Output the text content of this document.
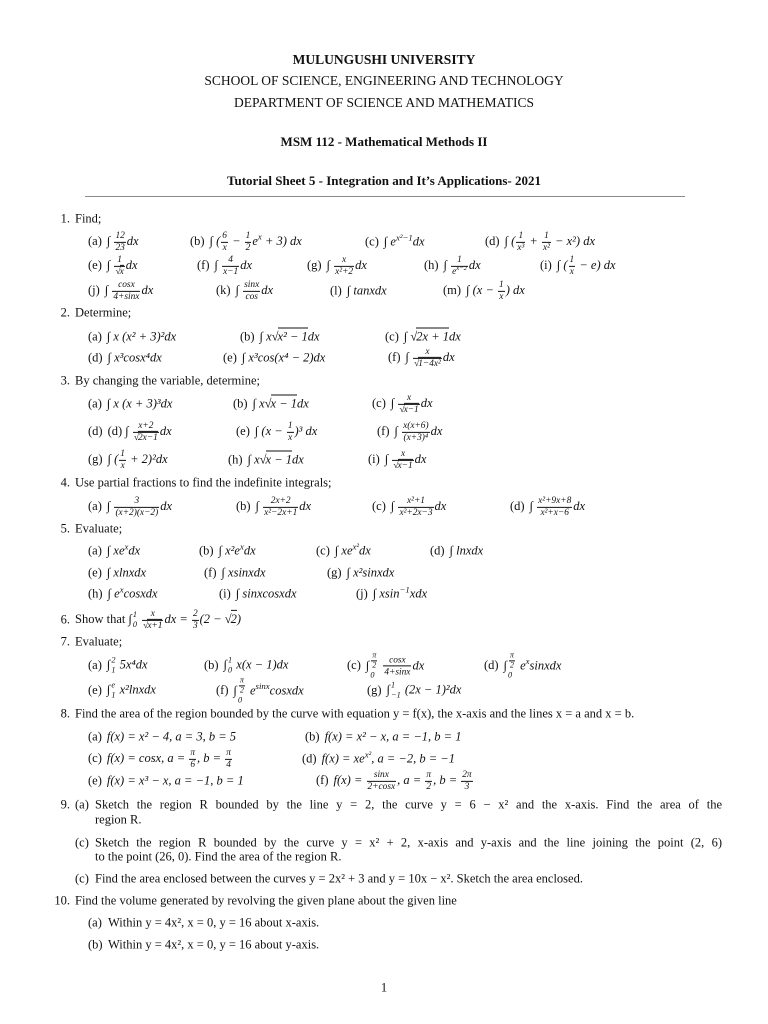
MULUNGUSHI UNIVERSITY
SCHOOL OF SCIENCE, ENGINEERING AND TECHNOLOGY
DEPARTMENT OF SCIENCE AND MATHEMATICS
MSM 112 - Mathematical Methods II
Tutorial Sheet 5 - Integration and It’s Applications- 2021
1
1. Find;
(a) ∫ $\frac{12}{23}$ dx	(b) ∫ ( $\frac{6}{x} - \frac{1}{2} e^x + 3$) dx	(c) ∫ $e^{x^2-1}dx$	(d) ∫ ( $\frac{1}{\text{x³}} + \frac{1}{\text{x²}} - x^2$) dx
(e) ∫ $\frac{1}{√x}$ dx	(f) ∫ $\frac{4}{x-1}$ dx	(g) ∫ $\frac{x}{\text{x²+2}}$ dx	(h) ∫ $\frac{1}{e^{x-2}}$ dx	(i) ∫ ( $\frac{1}{x} - e$) dx
(j) ∫ $\frac{\cos x}{4+\sin x}$ dx	(k) ∫ $\frac{\sin x}{\cos}$ dx	(l) ∫ tanxdx	(m) ∫ ($x - \frac{1}{x}$ ) dx
2. Determine;
(a) ∫ x (x² + 3)²dx	(b) ∫ x√x² − 1dx	(c) ∫ √2x + 1dx
(d) ∫ x³cosx⁴dx	(e) ∫ x³cos(x⁴ − 2)dx	(f) ∫ $\frac{x}{\text{√1−4x²}}$ dx
3. By changing the variable, determine;
(a) ∫ x (x + 3)³dx	(b) ∫ x√x − 1dx	(c) ∫ $\frac{x}{√x-1}$ dx
(d) (d) ∫ $\frac{x+2}{√2x-1}$ dx	(e) ∫ $(x - \frac{1}{x} )^3$ dx	(f) ∫ $\frac{x(x+6)}{\text{(x+3)⁴}}$ dx
(g) ∫ ( $\frac{1}{x} + 2)^2dx$	(h) ∫ x√x − 1dx	(i) ∫ $\frac{x}{√x-1}$ dx
4. Use partial fractions to find the indefinite integrals;
(a) ∫ $\frac{3}{(x+2)(x-2)}$ dx	(b) ∫ $\frac{2x+2}{\text{x²−2x+1}}$ dx	(c) ∫ $\frac{\text{x²+1}}{\text{x²+2x−3}}$ dx	(d) ∫ $\frac{\text{x²+9x+8}}{\text{x²+x−6}}$ dx
5. Evaluate;
(a) ∫ $xe^xdx$	(b) ∫ $x^2e^xdx$	(c) ∫ $xe^{x^2}dx$	(d) ∫ lnxdx
(e) ∫ xlnxdx	(f) ∫ xsinxdx	(g) ∫ x²sinxdx
(h) ∫ $e^xcosxdx$	(i) ∫ sinxcosxdx	(j) ∫ xsin$^{-1}$xdx
6. Show that ∫ 1
0
$\frac{x}{√x+1}$ dx = $\frac{2}{3} (2 - √2)$
7. Evaluate;
(a) ∫ 2
1 5x⁴dx	(b) ∫ 1
0 x(x − 1)dx	(c) ∫ $\frac{\pi}{2}$
0
$\frac{\cos x}{4+\sin x}$ dx	(d) ∫ $\frac{\pi}{2}$
0
$e^xsinxdx$
(e) ∫ e
1 x²lnxdx	(f) ∫ $\frac{\pi}{2}$
0
$e^{sinx}cosxdx$	(g) ∫ 1
−1 (2x − 1)²dx
8. Find the area of the region bounded by the curve with equation y = f(x), the x-axis and the lines x = a and x = b.
(a) f(x) = x² − 4, a = 3, b = 5	(b) f(x) = x² − x, a = −1, b = 1
(c) f(x) = cosx, $a = \frac{\pi}{6}$ , $b = \frac{\pi}{4}$	(d) $f(x) = xe^{x^2}$, a = −2, b = −1
(e) f(x) = x³ − x, a = −1, b = 1	(f) $f(x) = \frac{\sin x}{2+\cos x}$ , $a = \frac{\pi}{2}$ , $b = \frac{2\pi}{3}$
9. (a) Sketch the region R bounded by the line y = 2, the curve y = 6 − x² and the x-axis. Find the area of the
region R.
(c) Sketch the region R bounded by the curve y = x² + 2, x-axis and y-axis and the line joining the point (2, 6)
to the point (26, 0). Find the area of the region R.
(c) Find the area enclosed between the curves y = 2x² + 3 and y = 10x − x². Sketch the area enclosed.
10. Find the volume generated by revolving the given plane about the given line
(a) Within y = 4x², x = 0, y = 16 about x-axis.
(b) Within y = 4x², x = 0, y = 16 about y-axis.
